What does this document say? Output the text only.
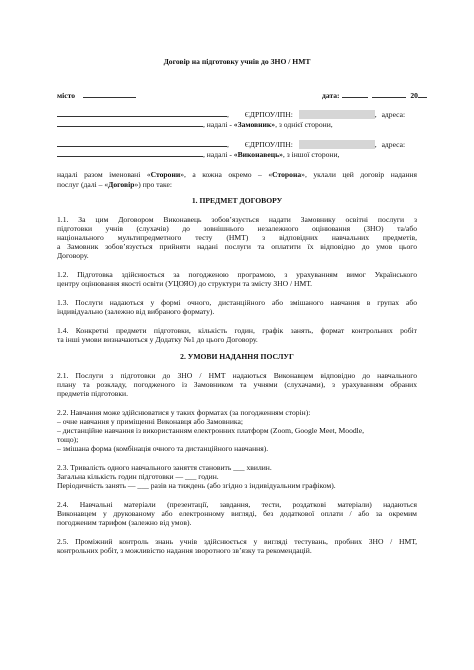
Договір на підготовку учнів до ЗНО / НМТ
місто	дата:	20
, ЄДРПОУ/ІПН:	, адреса:
, надалі - «Замовник», з однієї сторони,
, ЄДРПОУ/ІПН:	, адреса:
, надалі - «Виконавець», з іншої сторони,
надалі разом іменовані «Сторони», а кожна окремо – «Сторона», уклали цей договір надання
послуг (далі – «Договір») про таке:
1. ПРЕДМЕТ ДОГОВОРУ
1.1. За цим Договором Виконавець зобов’язується надати Замовнику освітні послуги з
підготовки учнів (слухачів) до зовнішнього незалежного оцінювання (ЗНО) та/або
національного мультипредметного тесту (НМТ) з відповідних навчальних предметів,
а Замовник зобов’язується прийняти надані послуги та оплатити їх відповідно до умов цього
Договору.
1.2. Підготовка здійснюється за погодженою програмою, з урахуванням вимог Українського
центру оцінювання якості освіти (УЦОЯО) до структури та змісту ЗНО / НМТ.
1.3. Послуги надаються у формі очного, дистанційного або змішаного навчання в групах або
індивідуально (залежно від вибраного формату).
1.4. Конкретні предмети підготовки, кількість годин, графік занять, формат контрольних робіт
та інші умови визначаються у Додатку №1 до цього Договору.
2. УМОВИ НАДАННЯ ПОСЛУГ
2.1. Послуги з підготовки до ЗНО / НМТ надаються Виконавцем відповідно до навчального
плану та розкладу, погодженого із Замовником та учнями (слухачами), з урахуванням обраних
предметів підготовки.
2.2. Навчання може здійснюватися у таких форматах (за погодженням сторін):
– очне навчання у приміщенні Виконавця або Замовника;
– дистанційне навчання із використанням електронних платформ (Zoom, Google Meet, Moodle,
тощо);
– змішана форма (комбінація очного та дистанційного навчання).
2.3. Тривалість одного навчального заняття становить ___ хвилин.
Загальна кількість годин підготовки — ___ годин.
Періодичність занять — ___ разів на тиждень (або згідно з індивідуальним графіком).
2.4. Навчальні матеріали (презентації, завдання, тести, роздаткові матеріали) надаються
Виконавцем у друкованому або електронному вигляді, без додаткової оплати / або за окремим
погодженим тарифом (залежно від умов).
2.5. Проміжний контроль знань учнів здійснюється у вигляді тестувань, пробних ЗНО / НМТ,
контрольних робіт, з можливістю надання зворотного зв’язку та рекомендацій.
